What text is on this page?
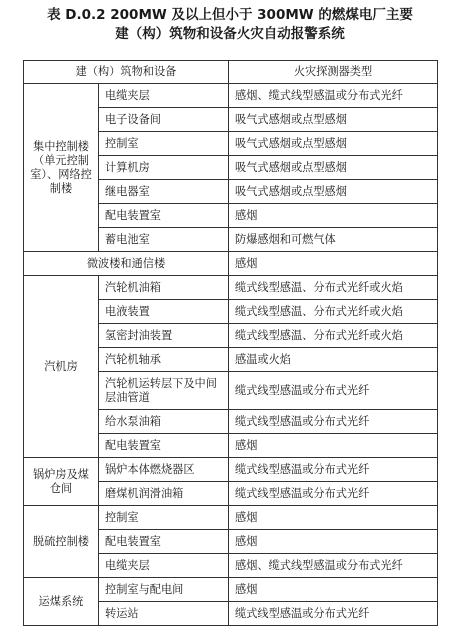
表 D.0.2 200MW 及以上但小于 300MW 的燃煤电厂主要
建（构）筑物和设备火灾自动报警系统
建（构）筑物和设备		火灾探测器类型
集中控制楼（单元控制室）、网络控制楼	电缆夹层	感烟、缆式线型感温或分布式光纤
	电子设备间	吸气式感烟或点型感烟
	控制室	吸气式感烟或点型感烟
	计算机房	吸气式感烟或点型感烟
	继电器室	吸气式感烟或点型感烟
	配电装置室	感烟
	蓄电池室	防爆感烟和可燃气体
微波楼和通信楼		感烟
汽机房	汽轮机油箱	缆式线型感温、分布式光纤或火焰
	电液装置	缆式线型感温、分布式光纤或火焰
	氢密封油装置	缆式线型感温、分布式光纤或火焰
	汽轮机轴承	感温或火焰
	汽轮机运转层下及中间层油管道	缆式线型感温或分布式光纤
	给水泵油箱	缆式线型感温或分布式光纤
	配电装置室	感烟
锅炉房及煤仓间	锅炉本体燃烧器区	缆式线型感温或分布式光纤
	磨煤机润滑油箱	缆式线型感温或分布式光纤
脱硫控制楼	控制室	感烟
	配电装置室	感烟
	电缆夹层	感烟、缆式线型感温或分布式光纤
运煤系统	控制室与配电间	感烟
	转运站	缆式线型感温或分布式光纤
